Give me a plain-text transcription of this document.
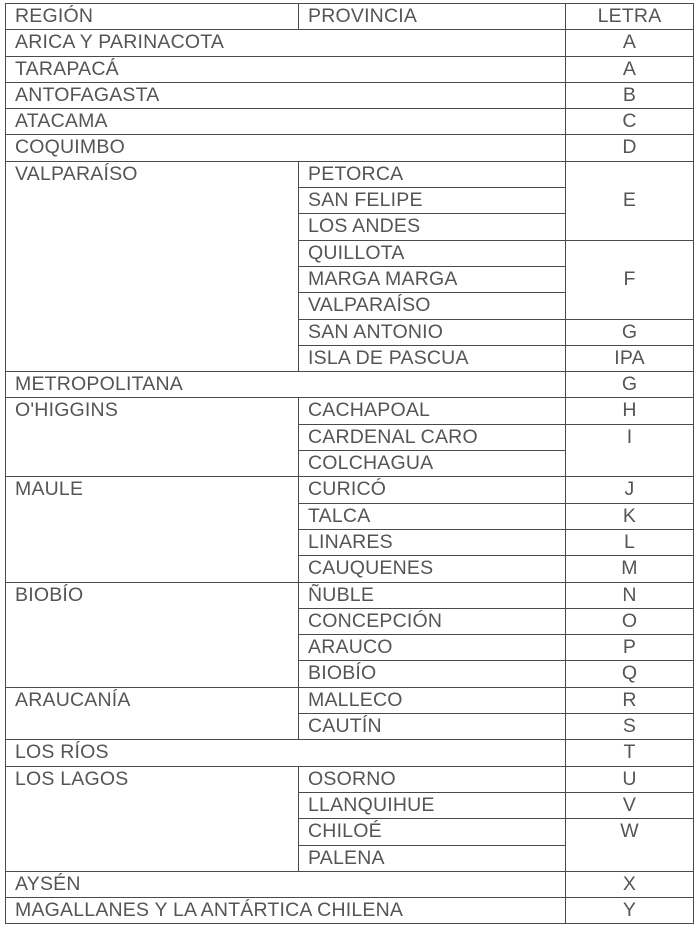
REGIÓN	PROVINCIA	LETRA
ARICA Y PARINACOTA		A
TARAPACÁ		A
ANTOFAGASTA		B
ATACAMA		C
COQUIMBO		D
VALPARAÍSO	PETORCA	E
	SAN FELIPE	
	LOS ANDES	
	QUILLOTA	F
	MARGA MARGA	
	VALPARAÍSO	
	SAN ANTONIO	G
	ISLA DE PASCUA	IPA
METROPOLITANA		G
O'HIGGINS	CACHAPOAL	H
	CARDENAL CARO	I
	COLCHAGUA	
MAULE	CURICÓ	J
	TALCA	K
	LINARES	L
	CAUQUENES	M
BIOBÍO	ÑUBLE	N
	CONCEPCIÓN	O
	ARAUCO	P
	BIOBÍO	Q
ARAUCANÍA	MALLECO	R
	CAUTÍN	S
LOS RÍOS		T
LOS LAGOS	OSORNO	U
	LLANQUIHUE	V
	CHILOÉ	W
	PALENA	
AYSÉN		X
MAGALLANES Y LA ANTÁRTICA CHILENA		Y
